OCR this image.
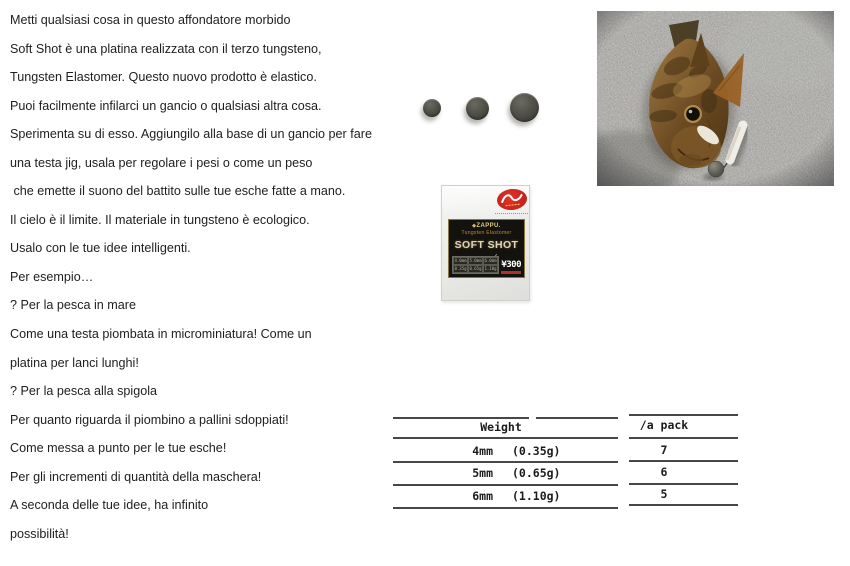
Metti qualsiasi cosa in questo affondatore morbido
Soft Shot è una platina realizzata con il terzo tungsteno,
Tungsten Elastomer. Questo nuovo prodotto è elastico.
Puoi facilmente infilarci un gancio o qualsiasi altra cosa.
Sperimenta su di esso. Aggiungilo alla base di un gancio per fare
una testa jig, usala per regolare i pesi o come un peso
che emette il suono del battito sulle tue esche fatte a mano.
Il cielo è il limite. Il materiale in tungsteno è ecologico.
Usalo con le tue idee intelligenti.
Per esempio…
? Per la pesca in mare
Come una testa piombata in microminiatura! Come un
platina per lanci lunghi!
? Per la pesca alla spigola
Per quanto riguarda il piombino a pallini sdoppiati!
Come messa a punto per le tue esche!
Per gli incrementi di quantità della maschera!
A seconda delle tue idee, ha infinito
possibilità!
◆ZAPPU.
Tungsten Elastomer
SOFT SHOT
4.0mm 5.0mm 6.0mm
0.35g 0.65g 1.10g ¥300
Weight	/a pack
4mm (0.35g)	7
5mm (0.65g)	6
6mm (1.10g)	5
